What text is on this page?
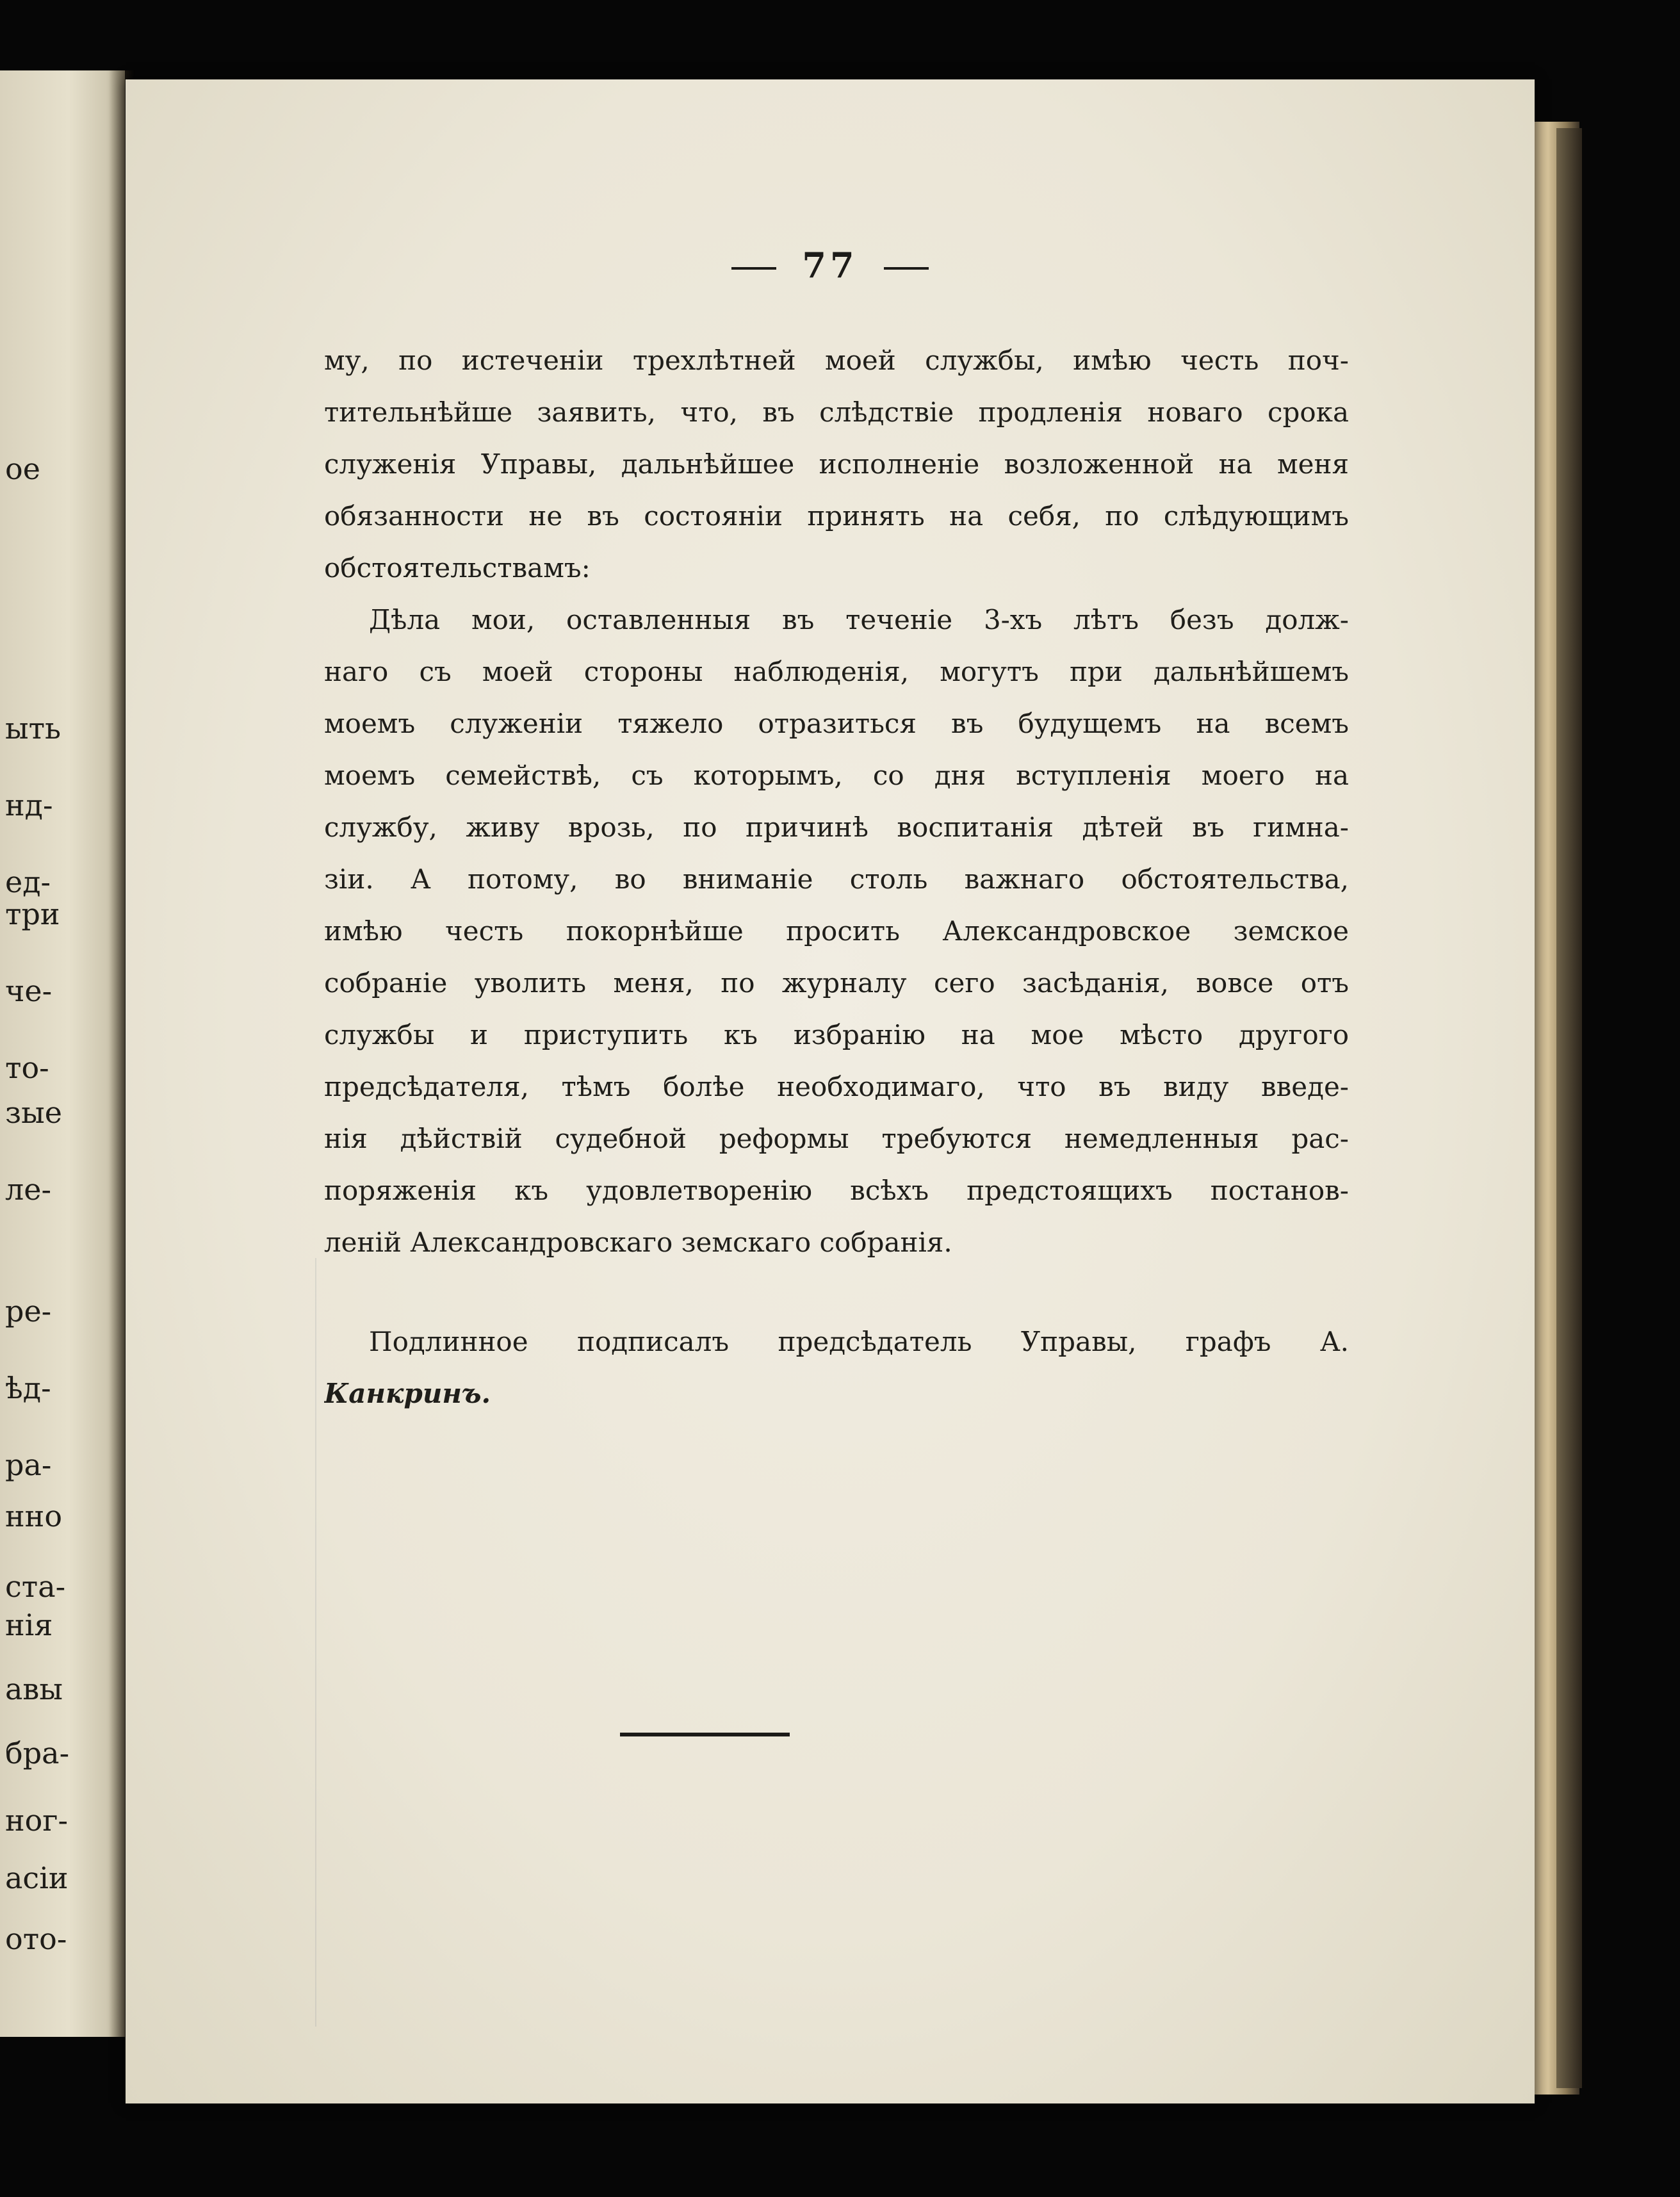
ое
ыть
нд-
ед-
три
че-
то-
зые
ле-
ре-
ѣд-
ра-
нно
ста-
нія
авы
бра-
ног-
асіи
ото-
77
му, по истеченіи трехлѣтней моей службы, имѣю честь поч-
тительнѣйше заявить, что, въ слѣдствіе продленія новаго срока
служенія Управы, дальнѣйшее исполненіе возложенной на меня
обязанности не въ состояніи принять на себя, по слѣдующимъ
обстоятельствамъ:
Дѣла мои, оставленныя въ теченіе 3-хъ лѣтъ безъ долж-
наго съ моей стороны наблюденія, могутъ при дальнѣйшемъ
моемъ служеніи тяжело отразиться въ будущемъ на всемъ
моемъ семействѣ, съ которымъ, со дня вступленія моего на
службу, живу врозь, по причинѣ воспитанія дѣтей въ гимна-
зіи. А потому, во вниманіе столь важнаго обстоятельства,
имѣю честь покорнѣйше просить Александровское земское
собраніе уволить меня, по журналу сего засѣданія, вовсе отъ
службы и приступить къ избранію на мое мѣсто другого
предсѣдателя, тѣмъ болѣе необходимаго, что въ виду введе-
нія дѣйствій судебной реформы требуются немедленныя рас-
поряженія къ удовлетворенію всѣхъ предстоящихъ постанов-
леній Александровскаго земскаго собранія.
Подлинное подписалъ предсѣдатель Управы, графъ А.
Канкринъ.
